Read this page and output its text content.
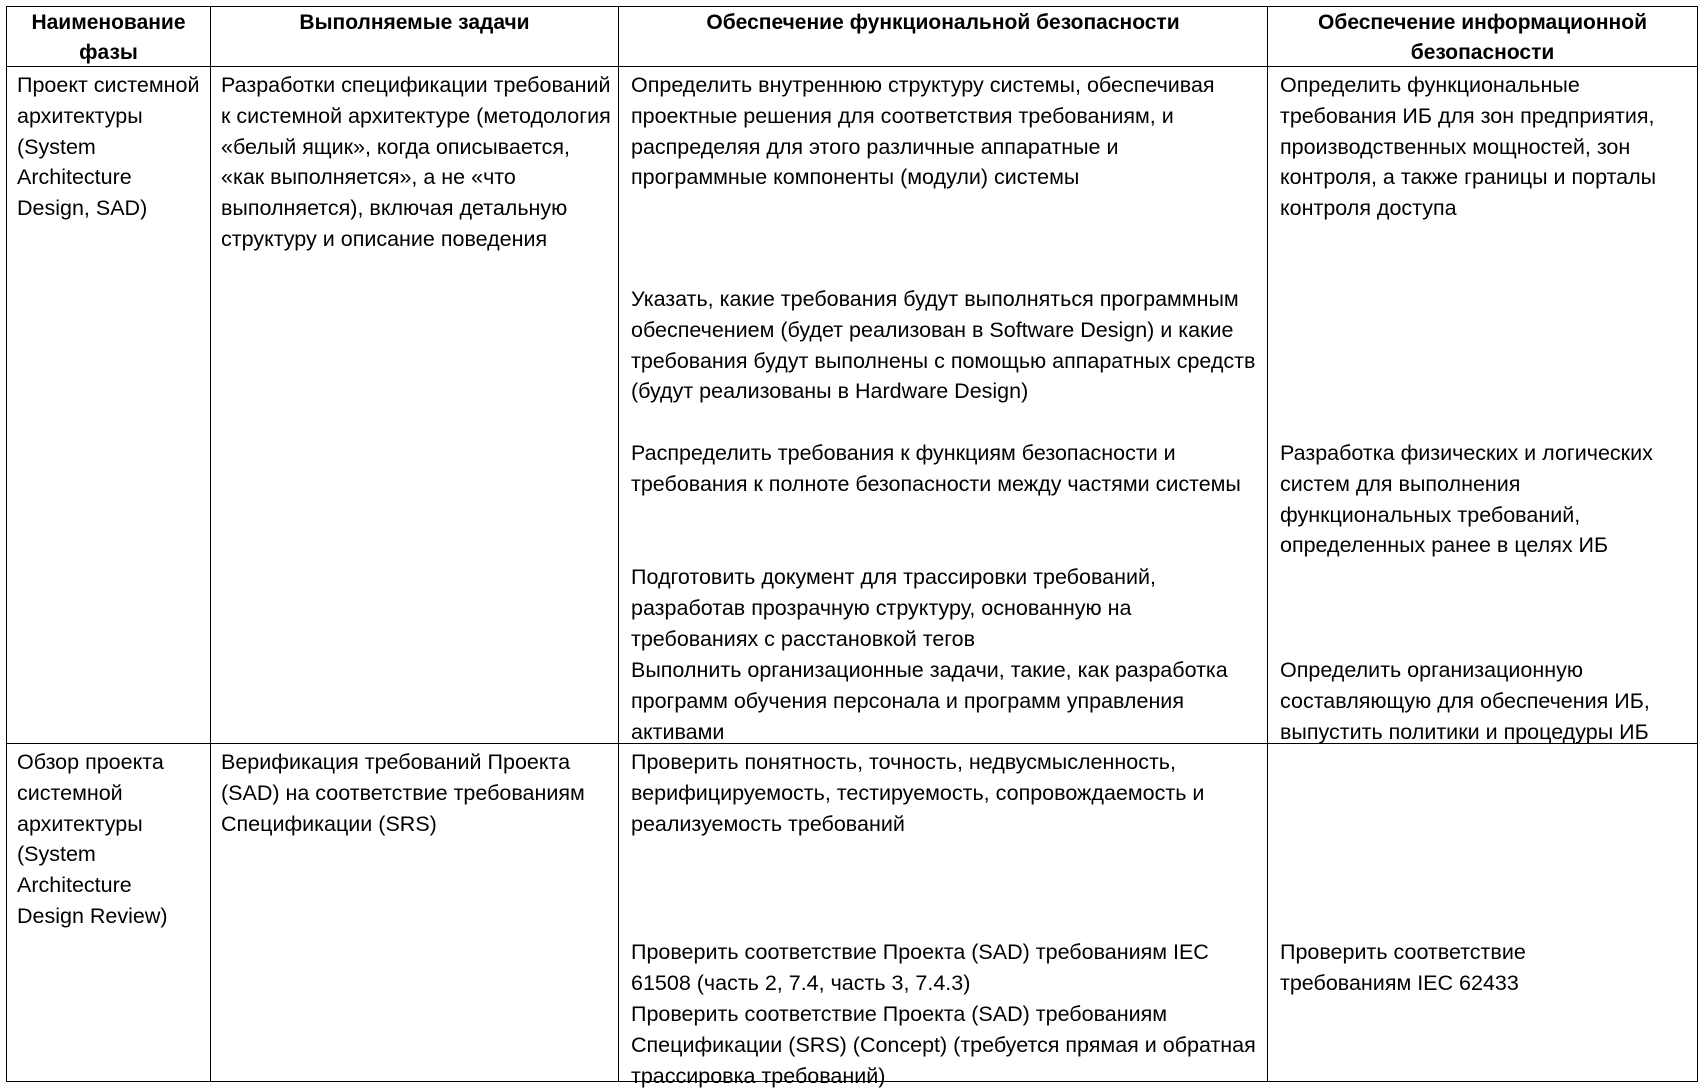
Наименование фазы
Выполняемые задачи	Обеспечение функциональной безопасности	Обеспечение информационной безопасности
Проект системной архитектуры (System Architecture Design, SAD)
Разработки спецификации требований к системной архитектуре (методология «белый ящик», когда описывается, «как выполняется», а не «что выполняется), включая детальную структуру и описание поведения
Определить внутреннюю структуру системы, обеспечивая проектные решения для соответствия требованиям, и распределяя для этого различные аппаратные и программные компоненты (модули) системы
Указать, какие требования будут выполняться программным обеспечением (будет реализован в Software Design) и какие требования будут выполнены с помощью аппаратных средств (будут реализованы в Hardware Design)
Распределить требования к функциям безопасности и требования к полноте безопасности между частями системы
Подготовить документ для трассировки требований, разработав прозрачную структуру, основанную на требованиях с расстановкой тегов
Выполнить организационные задачи, такие, как разработка программ обучения персонала и программ управления активами
Определить функциональные требования ИБ для зон предприятия, производственных мощностей, зон контроля, а также границы и порталы контроля доступа
Разработка физических и логических систем для выполнения функциональных требований, определенных ранее в целях ИБ
Определить организационную составляющую для обеспечения ИБ, выпустить политики и процедуры ИБ
Обзор проекта системной архитектуры (System Architecture Design Review)
Верификация требований Проекта (SAD) на соответствие требованиям Спецификации (SRS)
Проверить понятность, точность, недвусмысленность, верифицируемость, тестируемость, сопровождаемость и реализуемость требований
Проверить соответствие Проекта (SAD) требованиям IEC 61508 (часть 2, 7.4, часть 3, 7.4.3)
Проверить соответствие Проекта (SAD) требованиям Спецификации (SRS) (Concept) (требуется прямая и обратная трассировка требований)
Проверить соответствие требованиям IEC 62433
